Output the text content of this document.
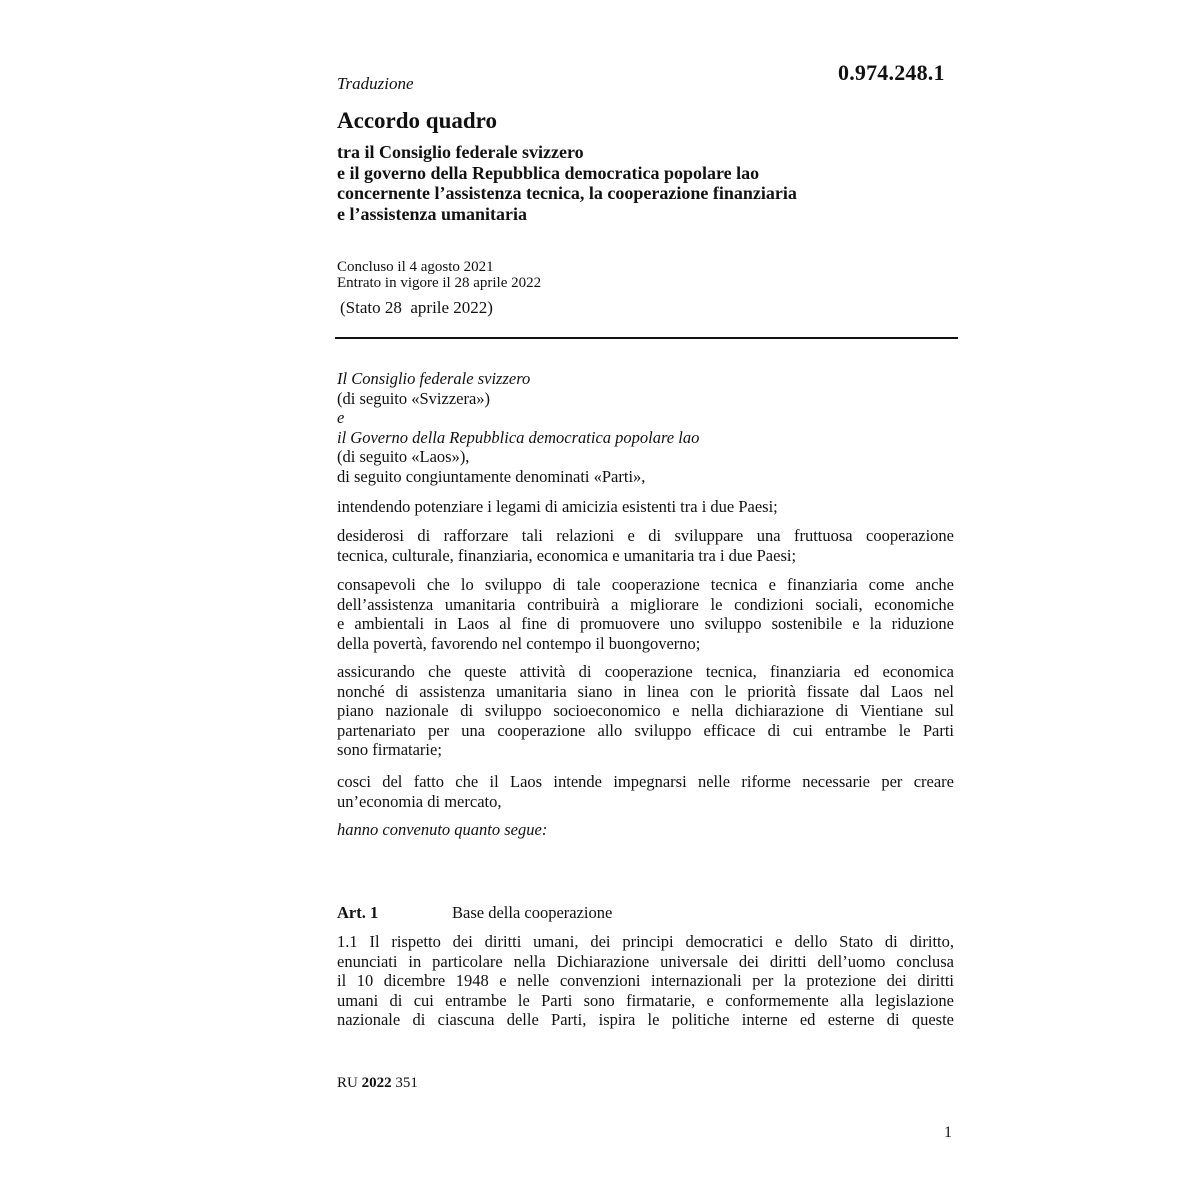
0.974.248.1
Traduzione
Accordo quadro
tra il Consiglio federale svizzero
e il governo della Repubblica democratica popolare lao
concernente l’assistenza tecnica, la cooperazione finanziaria
e l’assistenza umanitaria
Concluso il 4 agosto 2021
Entrato in vigore il 28 aprile 2022
(Stato 28  aprile 2022)
Il Consiglio federale svizzero
(di seguito «Svizzera»)
e
il Governo della Repubblica democratica popolare lao
(di seguito «Laos»),
di seguito congiuntamente denominati «Parti»,
intendendo potenziare i legami di amicizia esistenti tra i due Paesi;
desiderosi di rafforzare tali relazioni e di sviluppare una fruttuosa cooperazione
tecnica, culturale, finanziaria, economica e umanitaria tra i due Paesi;
consapevoli che lo sviluppo di tale cooperazione tecnica e finanziaria come anche
dell’assistenza umanitaria contribuirà a migliorare le condizioni sociali, economiche
e ambientali in Laos al fine di promuovere uno sviluppo sostenibile e la riduzione
della povertà, favorendo nel contempo il buongoverno;
assicurando che queste attività di cooperazione tecnica, finanziaria ed economica
nonché di assistenza umanitaria siano in linea con le priorità fissate dal Laos nel
piano nazionale di sviluppo socioeconomico e nella dichiarazione di Vientiane sul
partenariato per una cooperazione allo sviluppo efficace di cui entrambe le Parti
sono firmatarie;
cosci del fatto che il Laos intende impegnarsi nelle riforme necessarie per creare
un’economia di mercato,
hanno convenuto quanto segue:
Art. 1	Base della cooperazione
1.1 Il rispetto dei diritti umani, dei principi democratici e dello Stato di diritto,
enunciati in particolare nella Dichiarazione universale dei diritti dell’uomo conclusa
il 10 dicembre 1948 e nelle convenzioni internazionali per la protezione dei diritti
umani di cui entrambe le Parti sono firmatarie, e conformemente alla legislazione
nazionale di ciascuna delle Parti, ispira le politiche interne ed esterne di queste
RU 2022 351
1
